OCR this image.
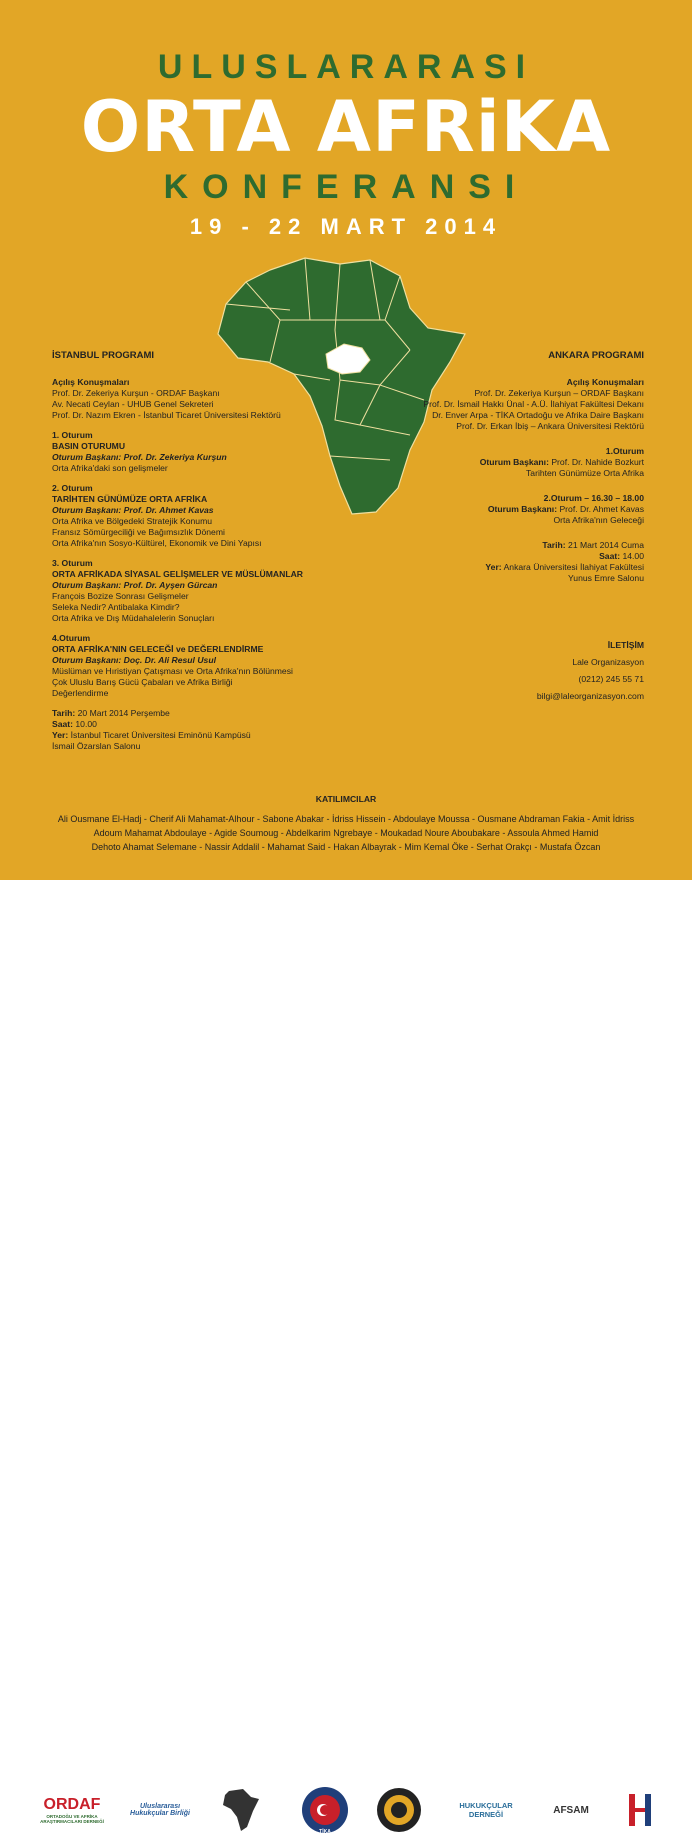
ULUSLARARASI
ORTA AFRiKA
KONFERANSI
19 - 22 MART 2014
İSTANBUL PROGRAMI
Açılış Konuşmaları
Prof. Dr. Zekeriya Kurşun - ORDAF Başkanı
Av. Necati Ceylan - UHUB Genel Sekreteri
Prof. Dr. Nazım Ekren - İstanbul Ticaret Üniversitesi Rektörü
1. Oturum
BASIN OTURUMU
Oturum Başkanı: Prof. Dr. Zekeriya Kurşun
Orta Afrika'daki son gelişmeler
2. Oturum
TARİHTEN GÜNÜMÜZE ORTA AFRİKA
Oturum Başkanı: Prof. Dr. Ahmet Kavas
Orta Afrika ve Bölgedeki Stratejik Konumu
Fransız Sömürgeciliği ve Bağımsızlık Dönemi
Orta Afrika'nın Sosyo-Kültürel, Ekonomik ve Dini Yapısı
3. Oturum
ORTA AFRİKADA SİYASAL GELİŞMELER VE MÜSLÜMANLAR
Oturum Başkanı: Prof. Dr. Ayşen Gürcan
François Bozize Sonrası Gelişmeler
Seleka Nedir? Antibalaka Kimdir?
Orta Afrika ve Dış Müdahalelerin Sonuçları
4.Oturum
ORTA AFRİKA'NIN GELECEĞİ ve DEĞERLENDİRME
Oturum Başkanı: Doç. Dr. Ali Resul Usul
Müslüman ve Hıristiyan Çatışması ve Orta Afrika'nın Bölünmesi
Çok Uluslu Barış Gücü Çabaları ve Afrika Birliği
Değerlendirme
Tarih: 20 Mart 2014 Perşembe
Saat: 10.00
Yer: İstanbul Ticaret Üniversitesi Eminönü Kampüsü
İsmail Özarslan Salonu
ANKARA PROGRAMI
Açılış Konuşmaları
Prof. Dr. Zekeriya Kurşun – ORDAF Başkanı
Prof. Dr. İsmail Hakkı Ünal - A.Ü. İlahiyat Fakültesi Dekanı
Dr. Enver Arpa - TİKA Ortadoğu ve Afrika Daire Başkanı
Prof. Dr. Erkan İbiş – Ankara Üniversitesi Rektörü
1.Oturum
Oturum Başkanı: Prof. Dr. Nahide Bozkurt
Tarihten Günümüze Orta Afrika
2.Oturum – 16.30 – 18.00
Oturum Başkanı: Prof. Dr. Ahmet Kavas
Orta Afrika'nın Geleceği
Tarih: 21 Mart 2014 Cuma
Saat: 14.00
Yer: Ankara Üniversitesi İlahiyat Fakültesi
Yunus Emre Salonu
İLETİŞİM
Lale Organizasyon
(0212) 245 55 71
bilgi@laleorganizasyon.com
KATILIMCILAR
Ali Ousmane El-Hadj - Cherif Ali Mahamat-Alhour - Sabone Abakar - İdriss Hissein - Abdoulaye Moussa - Ousmane Abdraman Fakia - Amit İdriss
Adoum Mahamat Abdoulaye - Agide Soumoug - Abdelkarim Ngrebaye - Moukadad Noure Aboubakare - Assoula Ahmed Hamid
Dehoto Ahamat Selemane - Nassir Addalil - Mahamat Said - Hakan Albayrak - Mim Kemal Öke - Serhat Orakçı - Mustafa Özcan
ORDAF
ORTADOĞU VE AFRİKA ARAŞTIRMACILARI DERNEĞİ
Uluslararası Hukukçular Birliği
TİKA
HUKUKÇULAR DERNEĞİ	AFSAM
